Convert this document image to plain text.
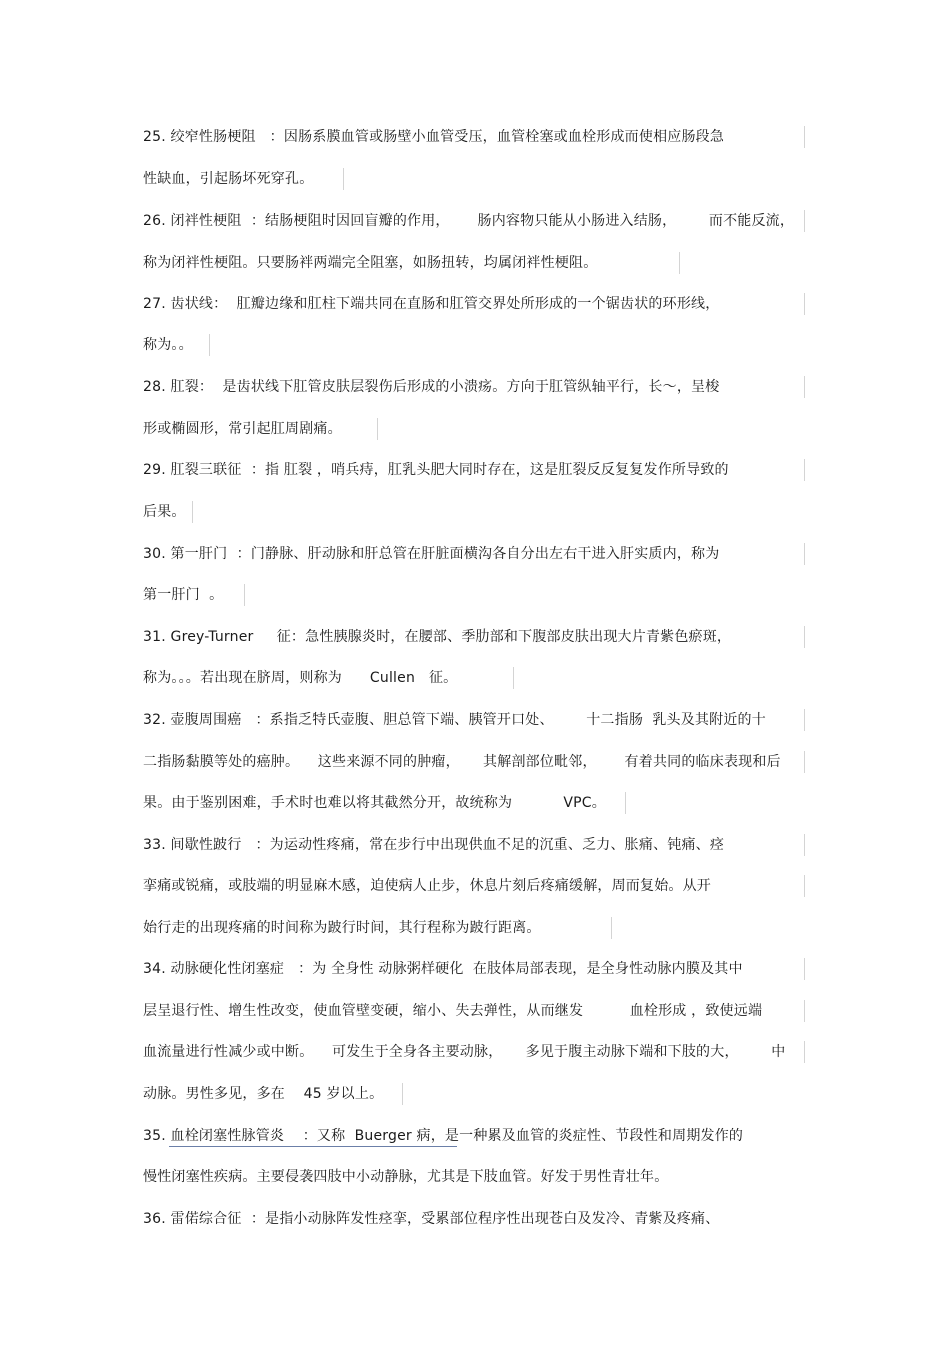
25. 绞窄性肠梗阻   ：因肠系膜血管或肠壁小血管受压，血管栓塞或血栓形成而使相应肠段急
性缺血，引起肠坏死穿孔。
26. 闭袢性梗阻  ：结肠梗阻时因回盲瓣的作用，      肠内容物只能从小肠进入结肠，       而不能反流，
称为闭袢性梗阻。只要肠袢两端完全阻塞，如肠扭转，均属闭袢性梗阻。
27. 齿状线：  肛瓣边缘和肛柱下端共同在直肠和肛管交界处所形成的一个锯齿状的环形线，
称为。。
28. 肛裂：  是齿状线下肛管皮肤层裂伤后形成的小溃疡。方向于肛管纵轴平行，长～，呈梭
形或椭圆形，常引起肛周剧痛。
29. 肛裂三联征  ：指 肛裂 ，哨兵痔，肛乳头肥大同时存在，这是肛裂反反复复发作所导致的
后果。
30. 第一肝门  ：门静脉、肝动脉和肝总管在肝脏面横沟各自分出左右干进入肝实质内，称为
第一肝门  。
31. Grey-Turner     征：急性胰腺炎时，在腰部、季肋部和下腹部皮肤出现大片青紫色瘀斑，
称为。。。若出现在脐周，则称为      Cullen   征。
32. 壶腹周围癌   ：系指乏特氏壶腹、胆总管下端、胰管开口处、       十二指肠  乳头及其附近的十
二指肠黏膜等处的癌肿。    这些来源不同的肿瘤，     其解剖部位毗邻，      有着共同的临床表现和后
果。由于鉴别困难，手术时也难以将其截然分开，故统称为           VPC。
33. 间歇性跛行   ：为运动性疼痛，常在步行中出现供血不足的沉重、乏力、胀痛、钝痛、痉
挛痛或锐痛，或肢端的明显麻木感，迫使病人止步，休息片刻后疼痛缓解，周而复始。从开
始行走的出现疼痛的时间称为跛行时间，其行程称为跛行距离。
34. 动脉硬化性闭塞症   ：为 全身性 动脉粥样硬化  在肢体局部表现，是全身性动脉内膜及其中
层呈退行性、增生性改变，使血管壁变硬，缩小、失去弹性，从而继发          血栓形成 ，致使远端
血流量进行性减少或中断。    可发生于全身各主要动脉，     多见于腹主动脉下端和下肢的大，       中
动脉。男性多见，多在    45 岁以上。
35. 血栓闭塞性脉管炎    ：又称  Buerger 病，是一种累及血管的炎症性、节段性和周期发作的
慢性闭塞性疾病。主要侵袭四肢中小动静脉，尤其是下肢血管。好发于男性青壮年。
36. 雷偌综合征  ：是指小动脉阵发性痉挛，受累部位程序性出现苍白及发冷、青紫及疼痛、
